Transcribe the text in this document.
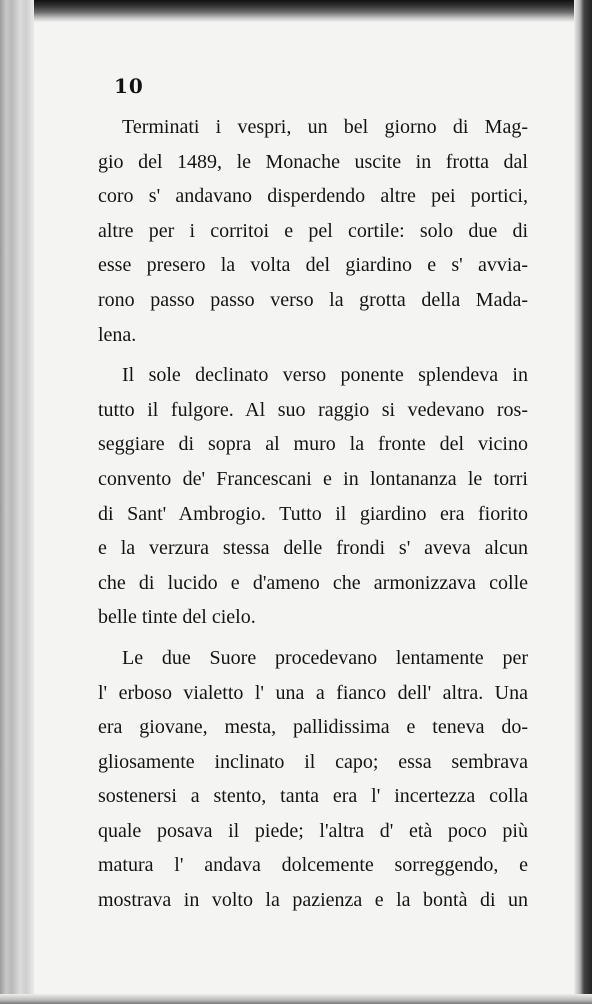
10
Terminati i vespri, un bel giorno di Mag-
gio del 1489, le Monache uscite in frotta dal
coro s' andavano disperdendo altre pei portici,
altre per i corritoi e pel cortile: solo due di
esse presero la volta del giardino e s' avvia-
rono passo passo verso la grotta della Mada-
lena.
Il sole declinato verso ponente splendeva in
tutto il fulgore. Al suo raggio si vedevano ros-
seggiare di sopra al muro la fronte del vicino
convento de' Francescani e in lontananza le torri
di Sant' Ambrogio. Tutto il giardino era fiorito
e la verzura stessa delle frondi s' aveva alcun
che di lucido e d'ameno che armonizzava colle
belle tinte del cielo.
Le due Suore procedevano lentamente per
l' erboso vialetto l' una a fianco dell' altra. Una
era giovane, mesta, pallidissima e teneva do-
gliosamente inclinato il capo; essa sembrava
sostenersi a stento, tanta era l' incertezza colla
quale posava il piede; l'altra d' età poco più
matura l' andava dolcemente sorreggendo, e
mostrava in volto la pazienza e la bontà di un
